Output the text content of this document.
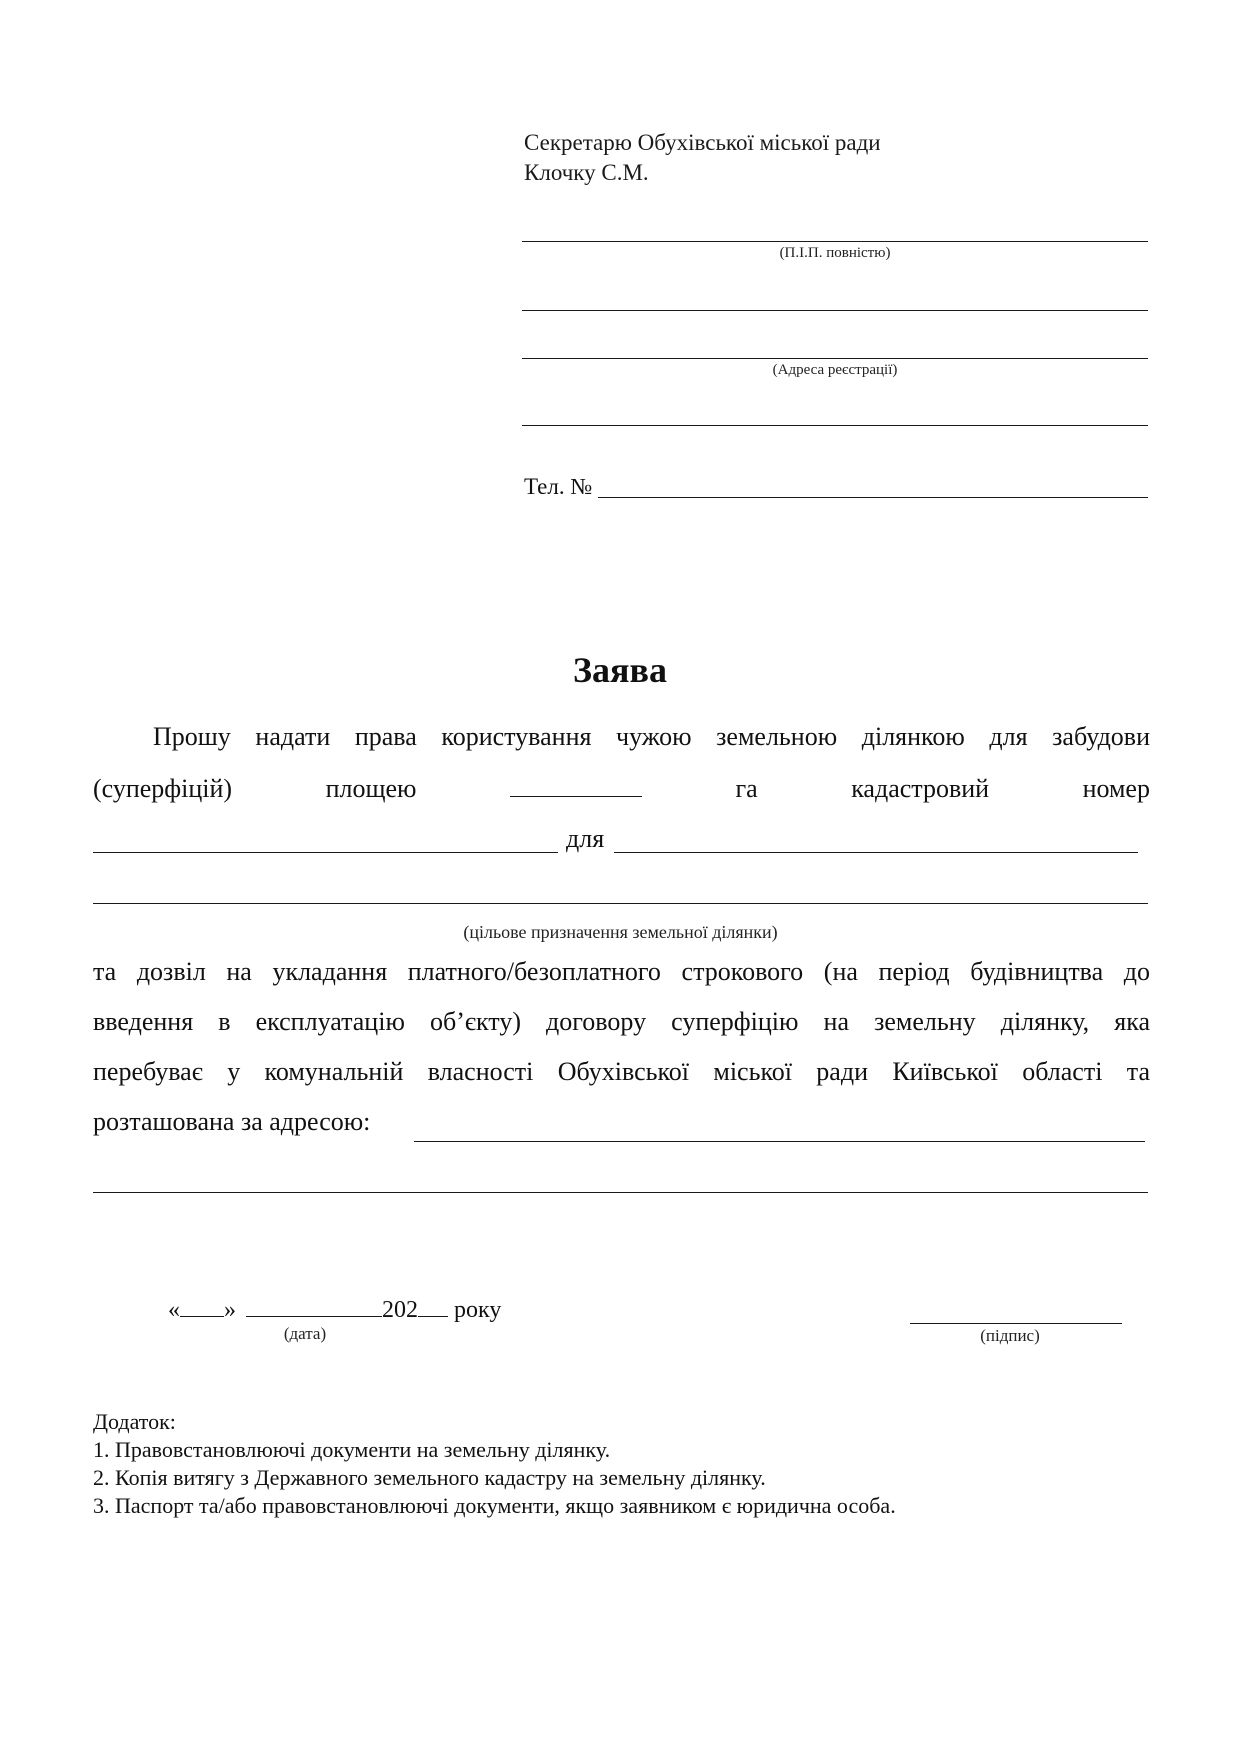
Секретарю Обухівської міської ради
Клочку С.М.
(П.І.П. повністю)
(Адреса реєстрації)
Тел. №
Заява
Прошу надати права користування чужою земельною ділянкою для забудови
(суперфіцій)	площею	га	кадастровий	номер
для
(цільове призначення земельної ділянки)
та дозвіл на укладання платного/безоплатного строкового (на період будівництва до
введення в експлуатацію об’єкту) договору суперфіцію на земельну ділянку, яка
перебуває у комунальній власності Обухівської міської ради Київської області та
розташована за адресою:
« »	202 року
(дата)	(підпис)
Додаток:
1. Правовстановлюючі документи на земельну ділянку.
2. Копія витягу з Державного земельного кадастру на земельну ділянку.
3. Паспорт та/або правовстановлюючі документи, якщо заявником є юридична особа.
